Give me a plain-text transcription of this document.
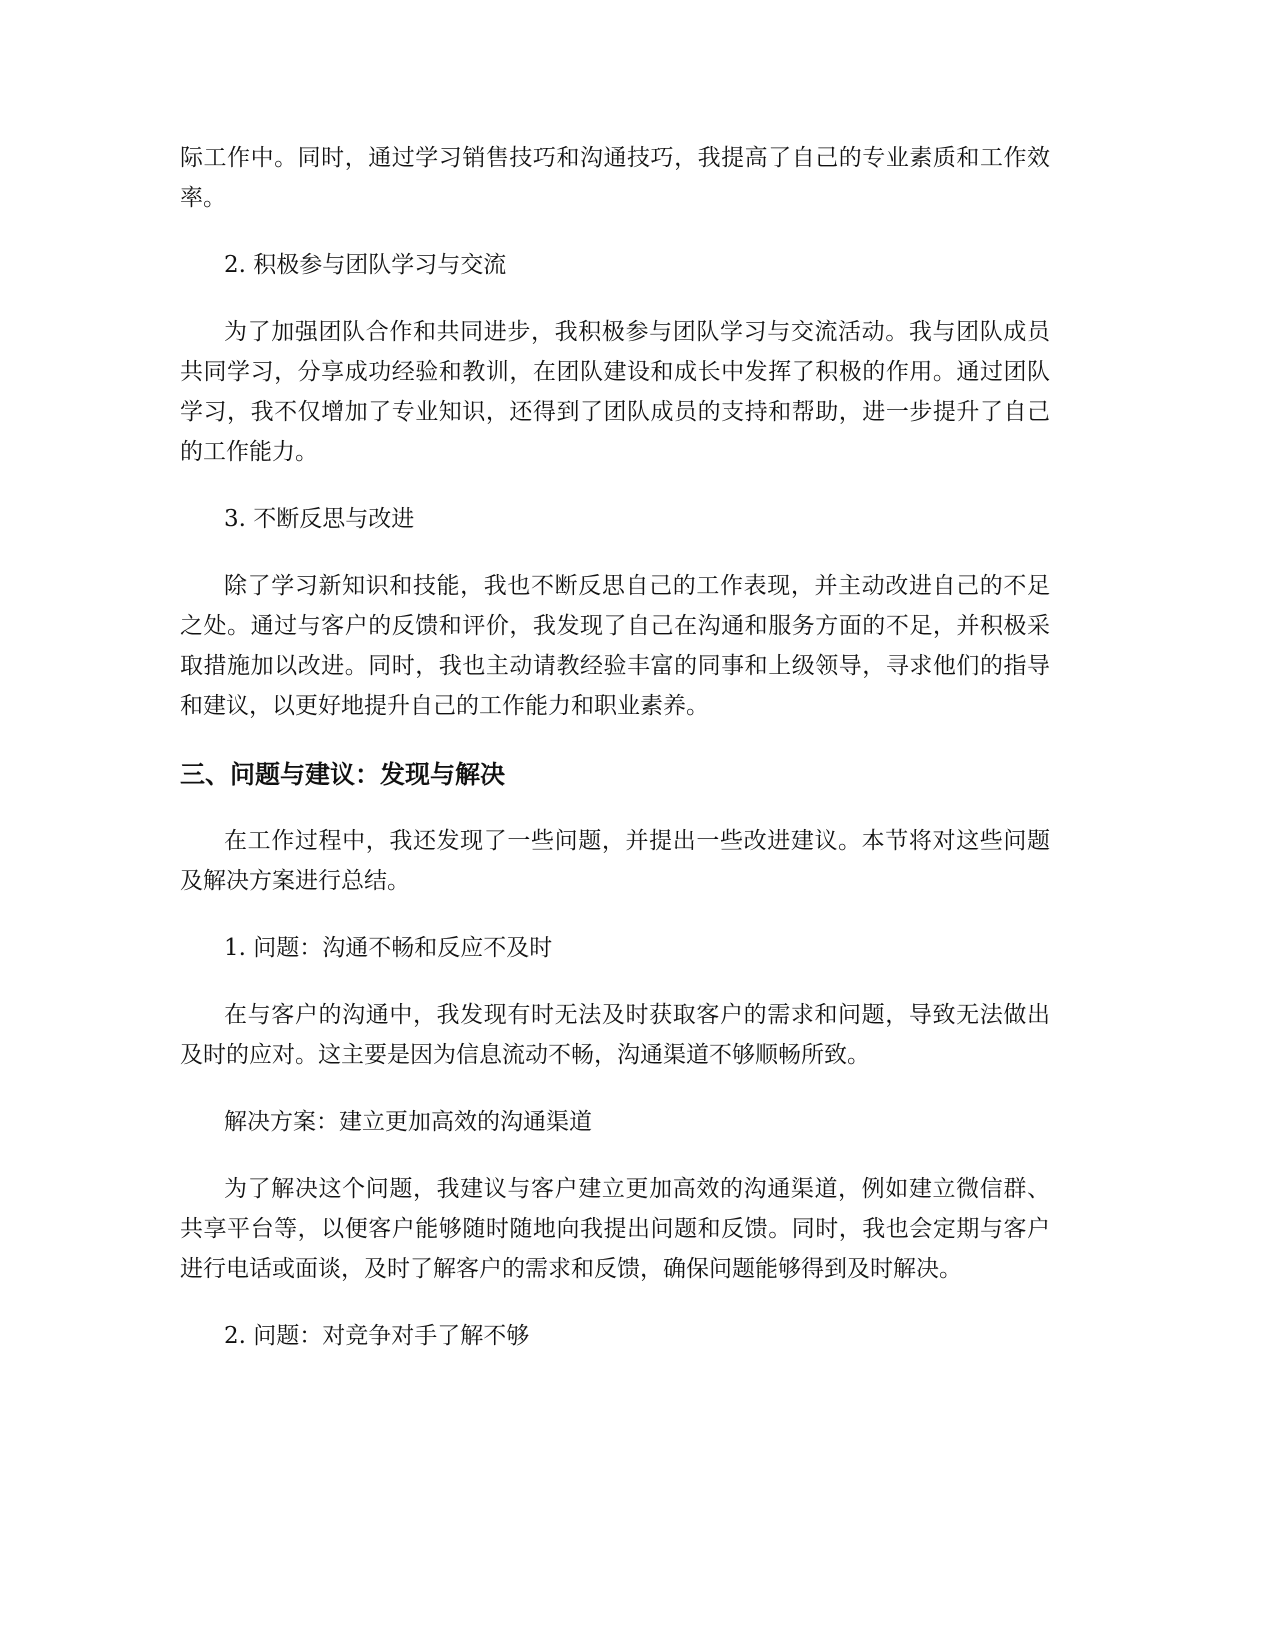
际工作中。同时，通过学习销售技巧和沟通技巧，我提高了自己的专业素质和工作效率。

2. 积极参与团队学习与交流

为了加强团队合作和共同进步，我积极参与团队学习与交流活动。我与团队成员共同学习，分享成功经验和教训，在团队建设和成长中发挥了积极的作用。通过团队学习，我不仅增加了专业知识，还得到了团队成员的支持和帮助，进一步提升了自己的工作能力。

3. 不断反思与改进

除了学习新知识和技能，我也不断反思自己的工作表现，并主动改进自己的不足之处。通过与客户的反馈和评价，我发现了自己在沟通和服务方面的不足，并积极采取措施加以改进。同时，我也主动请教经验丰富的同事和上级领导，寻求他们的指导和建议，以更好地提升自己的工作能力和职业素养。

三、问题与建议：发现与解决

在工作过程中，我还发现了一些问题，并提出一些改进建议。本节将对这些问题及解决方案进行总结。

1. 问题：沟通不畅和反应不及时

在与客户的沟通中，我发现有时无法及时获取客户的需求和问题，导致无法做出及时的应对。这主要是因为信息流动不畅，沟通渠道不够顺畅所致。

解决方案：建立更加高效的沟通渠道

为了解决这个问题，我建议与客户建立更加高效的沟通渠道，例如建立微信群、共享平台等，以便客户能够随时随地向我提出问题和反馈。同时，我也会定期与客户进行电话或面谈，及时了解客户的需求和反馈，确保问题能够得到及时解决。

2. 问题：对竞争对手了解不够
